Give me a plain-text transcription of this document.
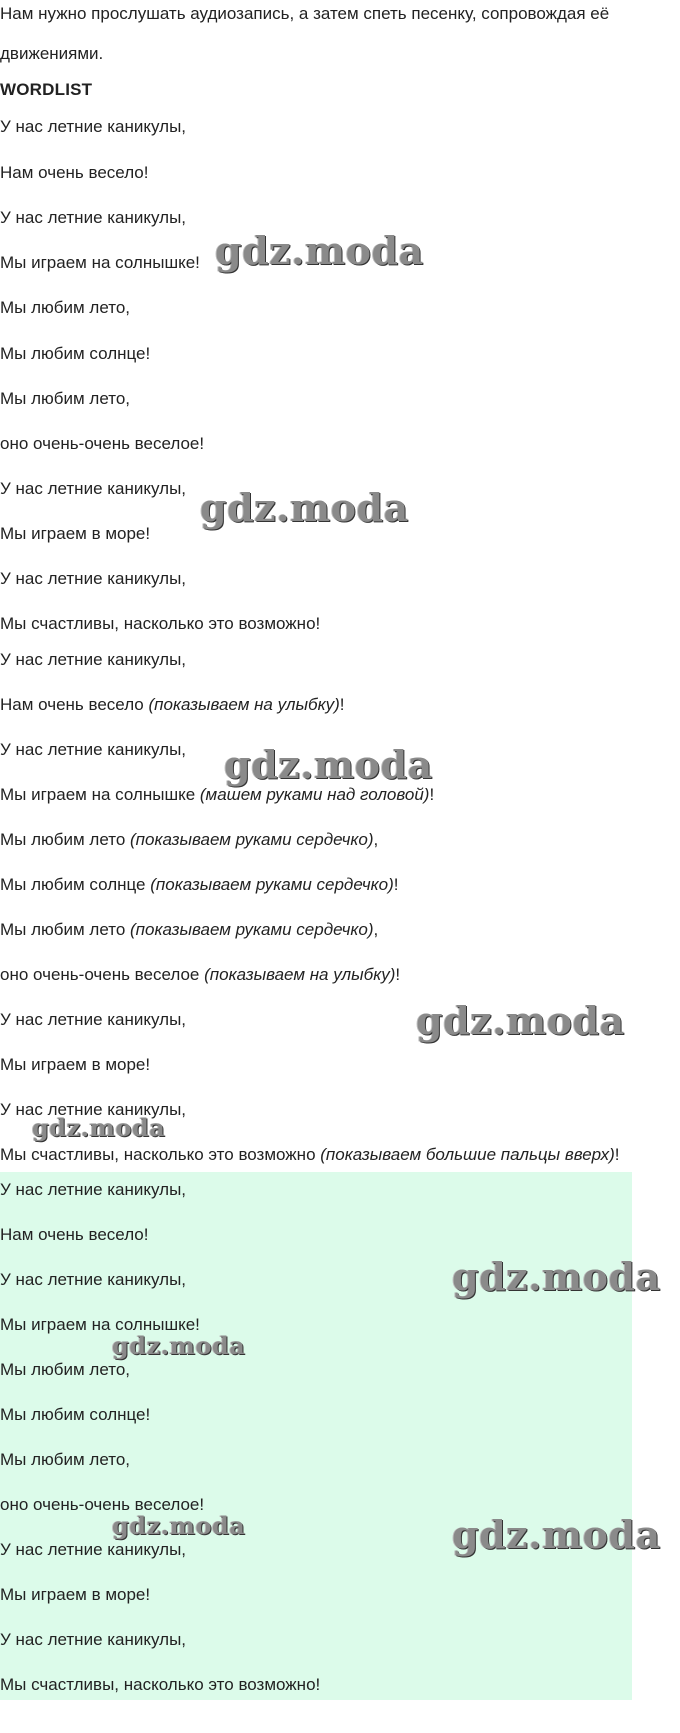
Нам нужно прослушать аудиозапись, а затем спеть песенку, сопровождая её
движениями.
WORDLIST
У нас летние каникулы,
Нам очень весело!
У нас летние каникулы,
Мы играем на солнышке!
Мы любим лето,
Мы любим солнце!
Мы любим лето,
оно очень-очень веселое!
У нас летние каникулы,
Мы играем в море!
У нас летние каникулы,
Мы счастливы, насколько это возможно!
У нас летние каникулы,
Нам очень весело (показываем на улыбку)!
У нас летние каникулы,
Мы играем на солнышке (машем руками над головой)!
Мы любим лето (показываем руками сердечко),
Мы любим солнце (показываем руками сердечко)!
Мы любим лето (показываем руками сердечко),
оно очень-очень веселое (показываем на улыбку)!
У нас летние каникулы,
Мы играем в море!
У нас летние каникулы,
Мы счастливы, насколько это возможно (показываем большие пальцы вверх)!
У нас летние каникулы,
Нам очень весело!
У нас летние каникулы,
Мы играем на солнышке!
Мы любим лето,
Мы любим солнце!
Мы любим лето,
оно очень-очень веселое!
У нас летние каникулы,
Мы играем в море!
У нас летние каникулы,
Мы счастливы, насколько это возможно!
gdz.moda
gdz.moda
gdz.moda
gdz.moda
gdz.moda
gdz.moda
gdz.moda
gdz.moda	gdz.moda
